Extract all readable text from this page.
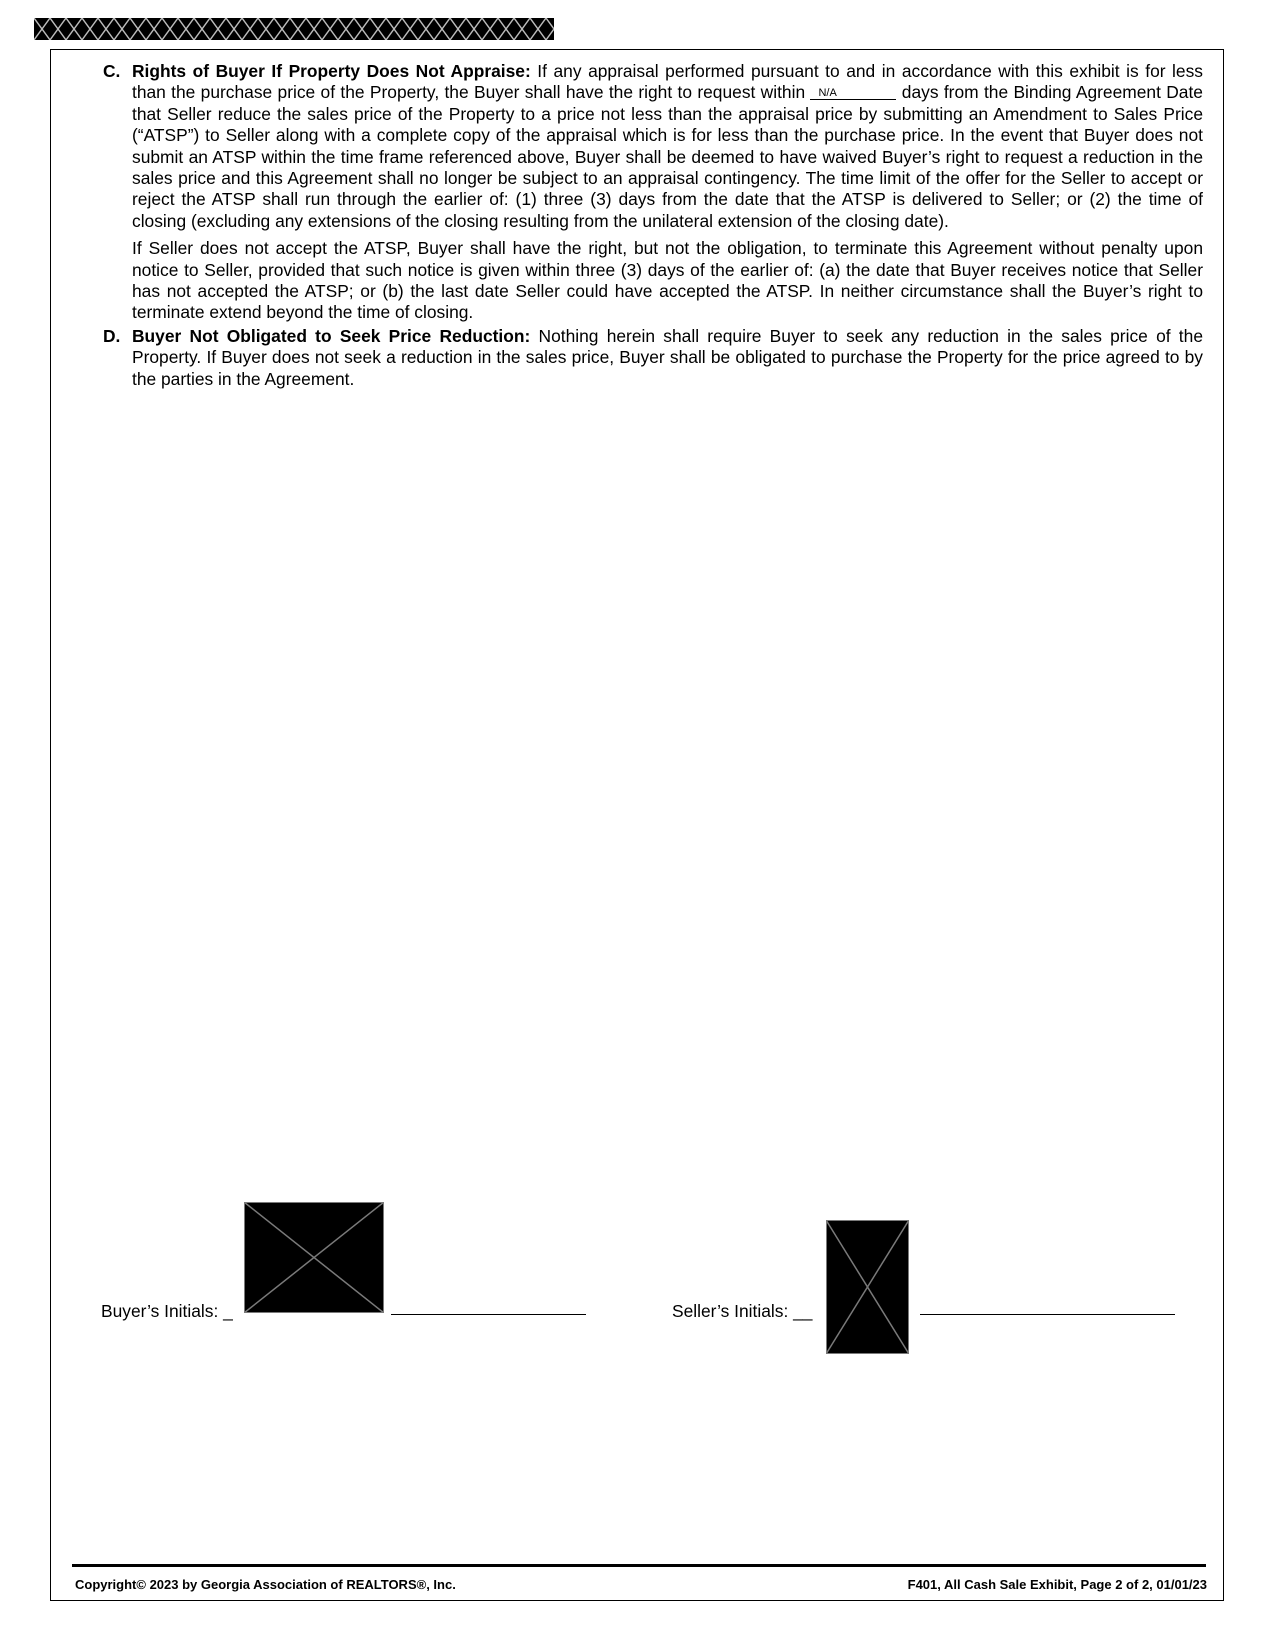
C. Rights of Buyer If Property Does Not Appraise: If any appraisal performed pursuant to and in accordance with this exhibit is for less than the purchase price of the Property, the Buyer shall have the right to request within N/A	days from the Binding Agreement Date that Seller reduce the sales price of the Property to a price not less than the appraisal price by submitting an Amendment to Sales Price (“ATSP”) to Seller along with a complete copy of the appraisal which is for less than the purchase price. In the event that Buyer does not submit an ATSP within the time frame referenced above, Buyer shall be deemed to have waived Buyer’s right to request a reduction in the sales price and this Agreement shall no longer be subject to an appraisal contingency. The time limit of the offer for the Seller to accept or reject the ATSP shall run through the earlier of: (1) three (3) days from the date that the ATSP is delivered to Seller; or (2) the time of closing (excluding any extensions of the closing resulting from the unilateral extension of the closing date).

If Seller does not accept the ATSP, Buyer shall have the right, but not the obligation, to terminate this Agreement without penalty upon notice to Seller, provided that such notice is given within three (3) days of the earlier of: (a) the date that Buyer receives notice that Seller has not accepted the ATSP; or (b) the last date Seller could have accepted the ATSP. In neither circumstance shall the Buyer’s right to terminate extend beyond the time of closing.

D. Buyer Not Obligated to Seek Price Reduction: Nothing herein shall require Buyer to seek any reduction in the sales price of the Property. If Buyer does not seek a reduction in the sales price, Buyer shall be obligated to purchase the Property for the price agreed to by the parties in the Agreement.

Buyer’s Initials: _	Seller’s Initials: __
Copyright© 2023 by Georgia Association of REALTORS®, Inc.	F401, All Cash Sale Exhibit, Page 2 of 2, 01/01/23
